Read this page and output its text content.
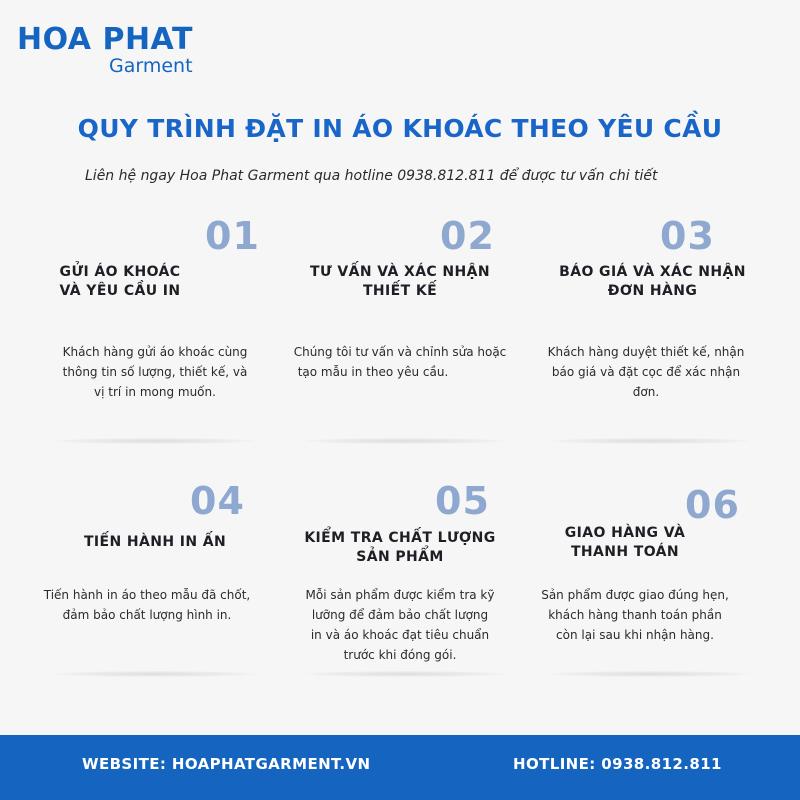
HOA PHAT
Garment
QUY TRÌNH ĐẶT IN ÁO KHOÁC THEO YÊU CẦU
Liên hệ ngay Hoa Phat Garment qua hotline 0938.812.811 để được tư vấn chi tiết
01
GỬI ÁO KHOÁC
VÀ YÊU CẦU IN
Khách hàng gửi áo khoác cùng
thông tin số lượng, thiết kế, và
vị trí in mong muốn.
02
TƯ VẤN VÀ XÁC NHẬN
THIẾT KẾ
Chúng tôi tư vấn và chỉnh sửa hoặc
tạo mẫu in theo yêu cầu.
03
BÁO GIÁ VÀ XÁC NHẬN
ĐƠN HÀNG
Khách hàng duyệt thiết kế, nhận
báo giá và đặt cọc để xác nhận
đơn.
04
TIẾN HÀNH IN ẤN
Tiến hành in áo theo mẫu đã chốt,
đảm bảo chất lượng hình in.
05
KIỂM TRA CHẤT LƯỢNG
SẢN PHẨM
Mỗi sản phẩm được kiểm tra kỹ
lưỡng để đảm bảo chất lượng
in và áo khoác đạt tiêu chuẩn
trước khi đóng gói.
06
GIAO HÀNG VÀ
THANH TOÁN
Sản phẩm được giao đúng hẹn,
khách hàng thanh toán phần
còn lại sau khi nhận hàng.
WEBSITE: HOAPHATGARMENT.VN	HOTLINE: 0938.812.811
